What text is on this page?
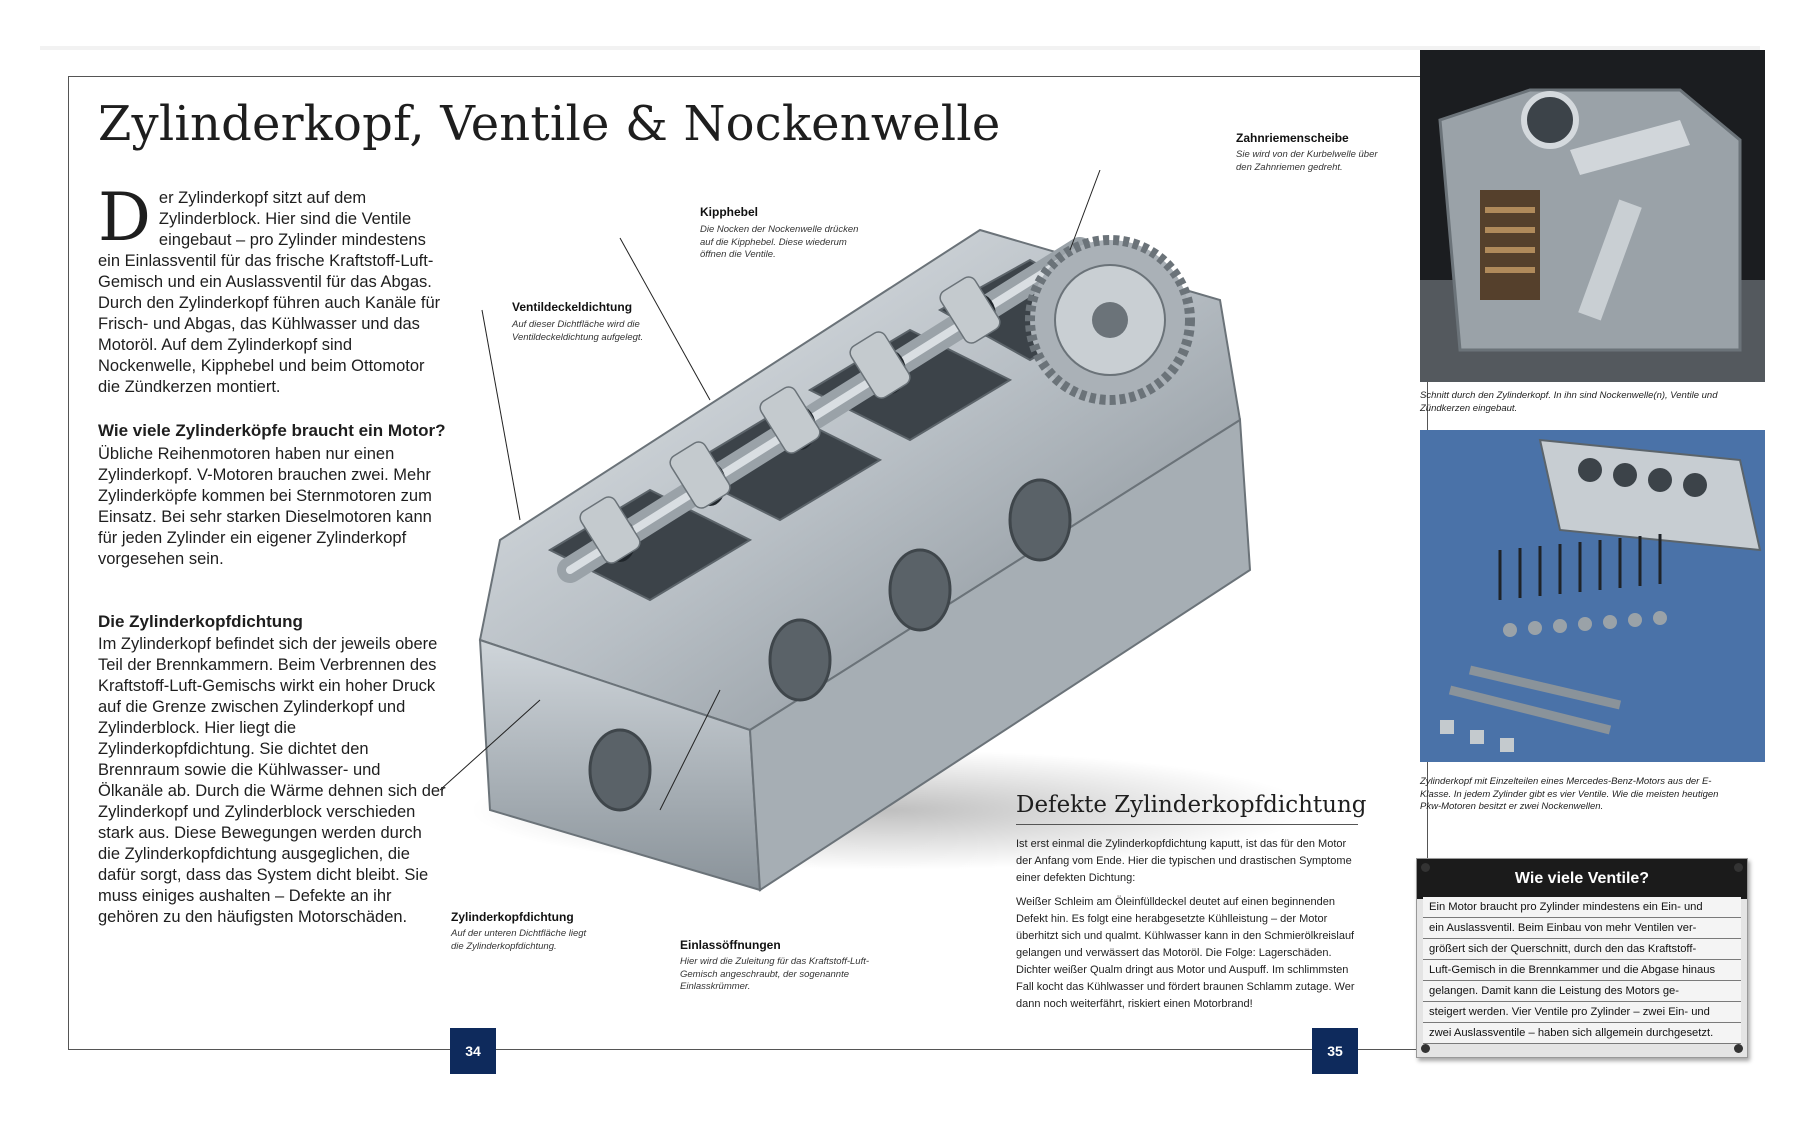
Zylinderkopf, Ventile & Nockenwelle

Der Zylinderkopf sitzt auf dem Zylinderblock. Hier sind die Ventile eingebaut – pro Zylinder mindestens ein Einlassventil für das frische Kraftstoff-Luft-Gemisch und ein Auslassventil für das Abgas. Durch den Zylinderkopf führen auch Kanäle für Frisch- und Abgas, das Kühlwasser und das Motoröl. Auf dem Zylinderkopf sind Nockenwelle, Kipphebel und beim Ottomotor die Zündkerzen montiert.

Wie viele Zylinderköpfe braucht ein Motor?

Übliche Reihenmotoren haben nur einen Zylinderkopf. V-Motoren brauchen zwei. Mehr Zylinderköpfe kommen bei Sternmotoren zum Einsatz. Bei sehr starken Dieselmotoren kann für jeden Zylinder ein eigener Zylinderkopf vorgesehen sein.

Die Zylinderkopfdichtung

Im Zylinderkopf befindet sich der jeweils obere Teil der Brennkammern. Beim Verbrennen des Kraftstoff-Luft-Gemischs wirkt ein hoher Druck auf die Grenze zwischen Zylinderkopf und Zylinderblock. Hier liegt die Zylinderkopfdichtung. Sie dichtet den Brennraum sowie die Kühlwasser- und Ölkanäle ab. Durch die Wärme dehnen sich der Zylinderkopf und Zylinderblock verschieden stark aus. Diese Bewegungen werden durch die Zylinderkopfdichtung ausgeglichen, die dafür sorgt, dass das System dicht bleibt. Sie muss einiges aushalten – Defekte an ihr gehören zu den häufigsten Motorschäden.

Zahnriemenscheibe
Sie wird von der Kurbelwelle über den Zahnriemen gedreht.
Kipphebel
Die Nocken der Nockenwelle drücken auf die Kipphebel. Diese wiederum öffnen die Ventile.
Ventildeckeldichtung
Auf dieser Dichtfläche wird die Ventildeckeldichtung aufgelegt.
Zylinderkopfdichtung
Auf der unteren Dichtfläche liegt die Zylinderkopfdichtung.	Einlassöffnungen
Hier wird die Zuleitung für das Kraftstoff-Luft-Gemisch angeschraubt, der sogenannte Einlasskrümmer.
Schnitt durch den Zylinderkopf. In ihn sind Nockenwelle(n), Ventile und Zündkerzen eingebaut.
Zylinderkopf mit Einzelteilen eines Mercedes-Benz-Motors aus der E-Klasse. In jedem Zylinder gibt es vier Ventile. Wie die meisten heutigen Pkw-Motoren besitzt er zwei Nockenwellen.
Defekte Zylinderkopfdichtung

Ist erst einmal die Zylinderkopfdichtung kaputt, ist das für den Motor der Anfang vom Ende. Hier die typischen und drastischen Symptome einer defekten Dichtung:

Weißer Schleim am Öleinfülldeckel deutet auf einen beginnenden Defekt hin. Es folgt eine herabgesetzte Kühlleistung – der Motor überhitzt sich und qualmt. Kühlwasser kann in den Schmierölkreislauf gelangen und verwässert das Motoröl. Die Folge: Lagerschäden. Dichter weißer Qualm dringt aus Motor und Auspuff. Im schlimmsten Fall kocht das Kühlwasser und fördert braunen Schlamm zutage. Wer dann noch weiterfährt, riskiert einen Motorbrand!

Wie viele Ventile?
Ein Motor braucht pro Zylinder mindestens ein Ein- und
ein Auslassventil. Beim Einbau von mehr Ventilen ver-
größert sich der Querschnitt, durch den das Kraftstoff-
Luft-Gemisch in die Brennkammer und die Abgase hinaus
gelangen. Damit kann die Leistung des Motors ge-
steigert werden. Vier Ventile pro Zylinder – zwei Ein- und
zwei Auslassventile – haben sich allgemein durchgesetzt.
34	35
